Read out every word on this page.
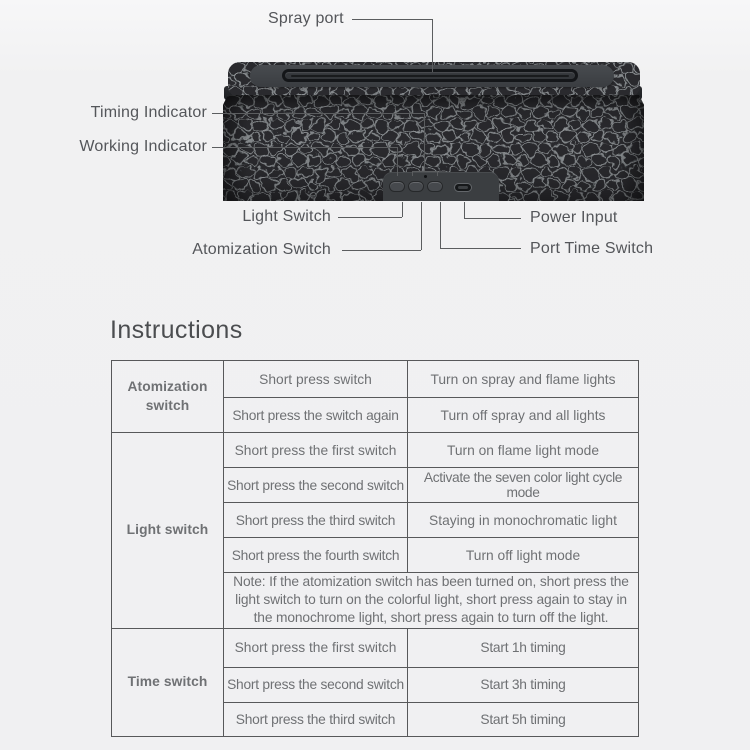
Spray port
Timing Indicator
Working Indicator
Light Switch
Atomization Switch
Power Input
Port Time Switch
Instructions
Atomization switch	Short press switch	Turn on spray and flame lights
	Short press the switch again	Turn off spray and all lights
Light switch	Short press the first switch	Turn on flame light mode
	Short press the second switch	Activate the seven color light cycle mode
	Short press the third switch	Staying in monochromatic light
	Short press the fourth switch	Turn off light mode
	Note: If the atomization switch has been turned on, short press the light switch to turn on the colorful light, short press again to stay in the monochrome light, short press again to turn off the light.	
Time switch	Short press the first switch	Start 1h timing
	Short press the second switch	Start 3h timing
	Short press the third switch	Start 5h timing
